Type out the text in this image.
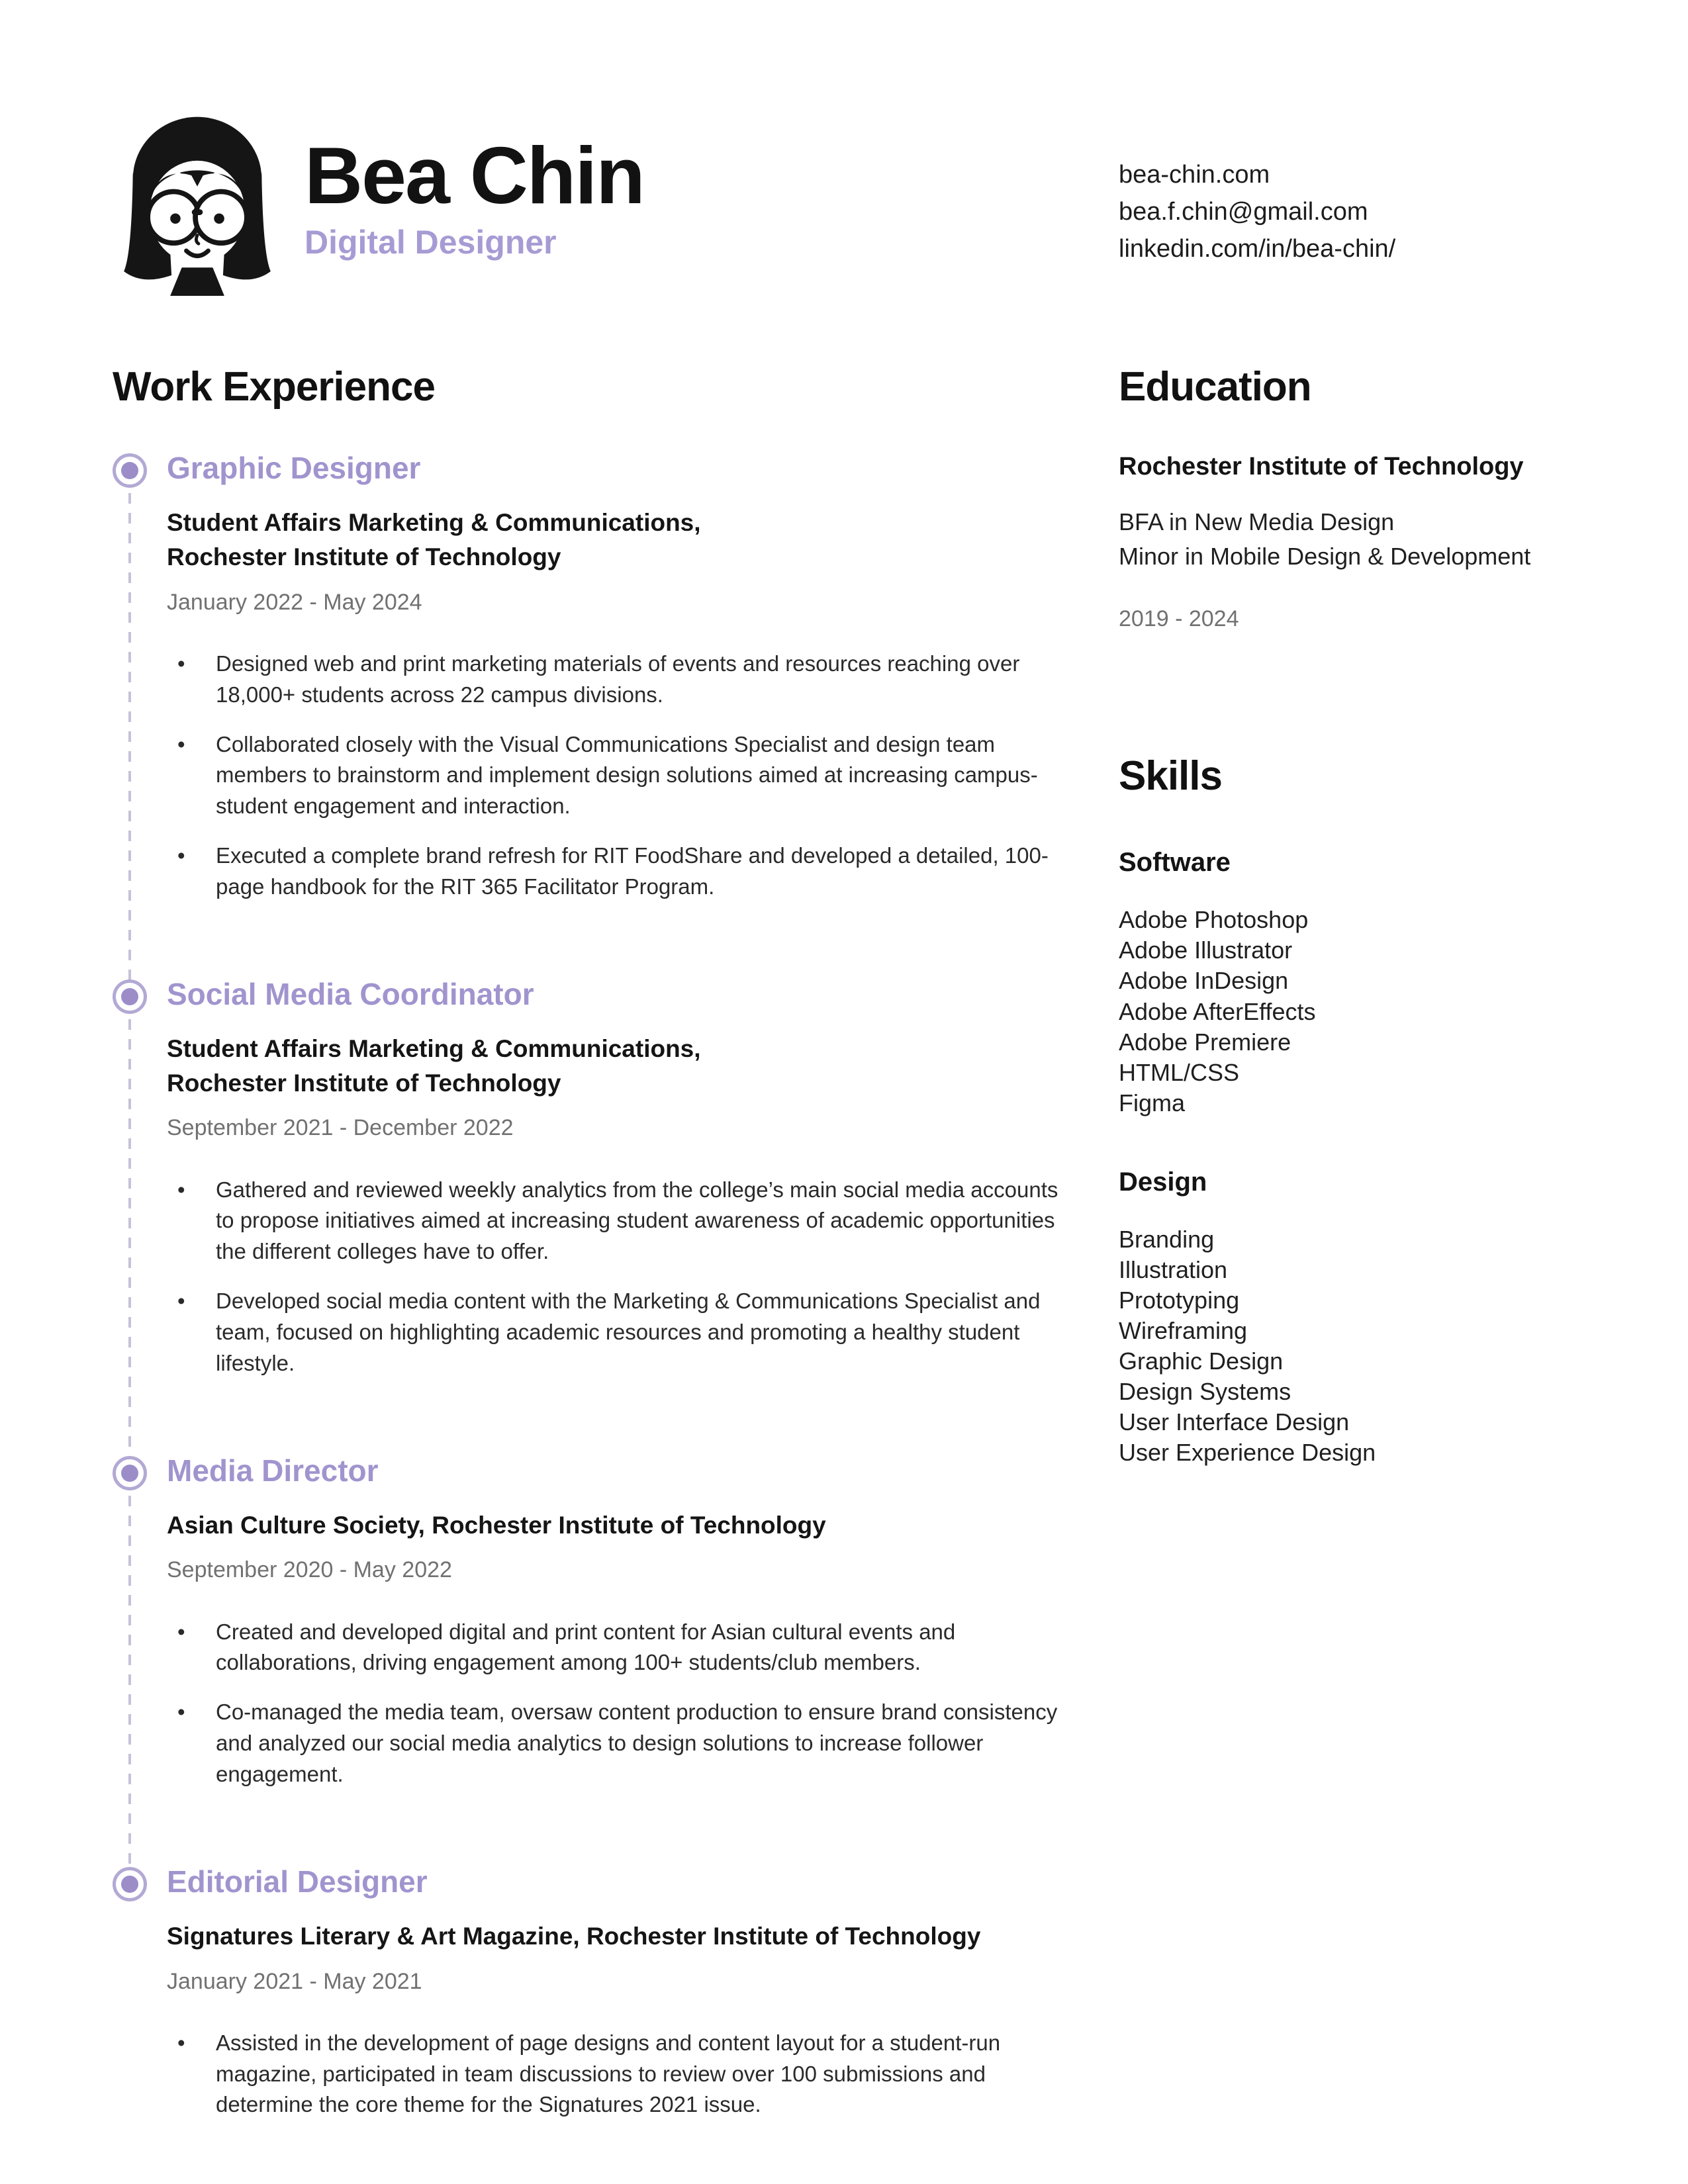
Bea Chin
Digital Designer
bea-chin.com
bea.f.chin@gmail.com
linkedin.com/in/bea-chin/
Work Experience
Graphic Designer

Student Affairs Marketing & Communications,
Rochester Institute of Technology

January 2022 - May 2024

• Designed web and print marketing materials of events and resources reaching over 18,000+ students across 22 campus divisions.
• Collaborated closely with the Visual Communications Specialist and design team members to brainstorm and implement design solutions aimed at increasing campus-student engagement and interaction.
• Executed a complete brand refresh for RIT FoodShare and developed a detailed, 100-page handbook for the RIT 365 Facilitator Program.
Social Media Coordinator

Student Affairs Marketing & Communications,
Rochester Institute of Technology

September 2021 - December 2022

• Gathered and reviewed weekly analytics from the college’s main social media accounts to propose initiatives aimed at increasing student awareness of academic opportunities the different colleges have to offer.
• Developed social media content with the Marketing & Communications Specialist and team, focused on highlighting academic resources and promoting a healthy student lifestyle.
Media Director

Asian Culture Society, Rochester Institute of Technology

September 2020 - May 2022

• Created and developed digital and print content for Asian cultural events and collaborations, driving engagement among 100+ students/club members.
• Co-managed the media team, oversaw content production to ensure brand consistency and analyzed our social media analytics to design solutions to increase follower engagement.
Editorial Designer

Signatures Literary & Art Magazine, Rochester Institute of Technology

January 2021 - May 2021

• Assisted in the development of page designs and content layout for a student-run magazine, participated in team discussions to review over 100 submissions and determine the core theme for the Signatures 2021 issue.
Education
Rochester Institute of Technology

BFA in New Media Design
Minor in Mobile Design & Development

2019 - 2024

Skills
Software
Adobe Photoshop
Adobe Illustrator
Adobe InDesign
Adobe AfterEffects
Adobe Premiere
HTML/CSS
Figma
Design
Branding
Illustration
Prototyping
Wireframing
Graphic Design
Design Systems
User Interface Design
User Experience Design
